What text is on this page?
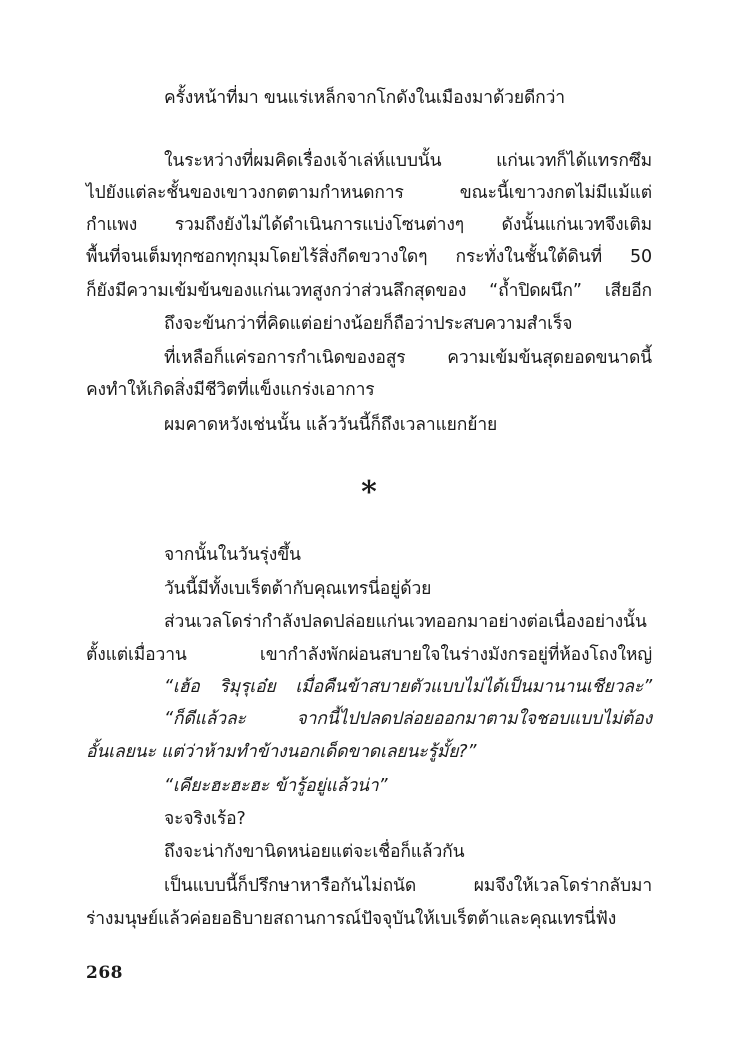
ครั้งหน้าที่มา ขนแร่เหล็กจากโกดังในเมืองมาด้วยดีกว่า
ในระหว่างที่ผมคิดเรื่องเจ้าเล่ห์แบบนั้น แก่นเวทก็ได้แทรกซึม
ไปยังแต่ละชั้นของเขาวงกตตามกำหนดการ ขณะนี้เขาวงกตไม่มีแม้แต่
กำแพง รวมถึงยังไม่ได้ดำเนินการแบ่งโซนต่างๆ ดังนั้นแก่นเวทจึงเติม
พื้นที่จนเต็มทุกซอกทุกมุมโดยไร้สิ่งกีดขวางใดๆ กระทั่งในชั้นใต้ดินที่ 50
ก็ยังมีความเข้มข้นของแก่นเวทสูงกว่าส่วนลึกสุดของ “ถ้ำปิดผนึก” เสียอีก
ถึงจะข้นกว่าที่คิดแต่อย่างน้อยก็ถือว่าประสบความสำเร็จ
ที่เหลือก็แค่รอการกำเนิดของอสูร ความเข้มข้นสุดยอดขนาดนี้
คงทำให้เกิดสิ่งมีชีวิตที่แข็งแกร่งเอาการ
ผมคาดหวังเช่นนั้น แล้ววันนี้ก็ถึงเวลาแยกย้าย
*
จากนั้นในวันรุ่งขึ้น
วันนี้มีทั้งเบเร็ตต้ากับคุณเทรนี่อยู่ด้วย
ส่วนเวลโดร่ากำลังปลดปล่อยแก่นเวทออกมาอย่างต่อเนื่องอย่างนั้น
ตั้งแต่เมื่อวาน เขากำลังพักผ่อนสบายใจในร่างมังกรอยู่ที่ห้องโถงใหญ่
“เฮ้อ ริมุรุเอ๋ย เมื่อคืนข้าสบายตัวแบบไม่ได้เป็นมานานเชียวละ”
“ก็ดีแล้วละ จากนี้ไปปลดปล่อยออกมาตามใจชอบแบบไม่ต้อง
อั้นเลยนะ แต่ว่าห้ามทำข้างนอกเด็ดขาดเลยนะรู้มั้ย?”
“เคียะฮะฮะฮะ ข้ารู้อยู่แล้วน่า”
จะจริงเร้อ?
ถึงจะน่ากังขานิดหน่อยแต่จะเชื่อก็แล้วกัน
เป็นแบบนี้ก็ปรึกษาหารือกันไม่ถนัด ผมจึงให้เวลโดร่ากลับมา
ร่างมนุษย์แล้วค่อยอธิบายสถานการณ์ปัจจุบันให้เบเร็ตต้าและคุณเทรนี่ฟัง
268
